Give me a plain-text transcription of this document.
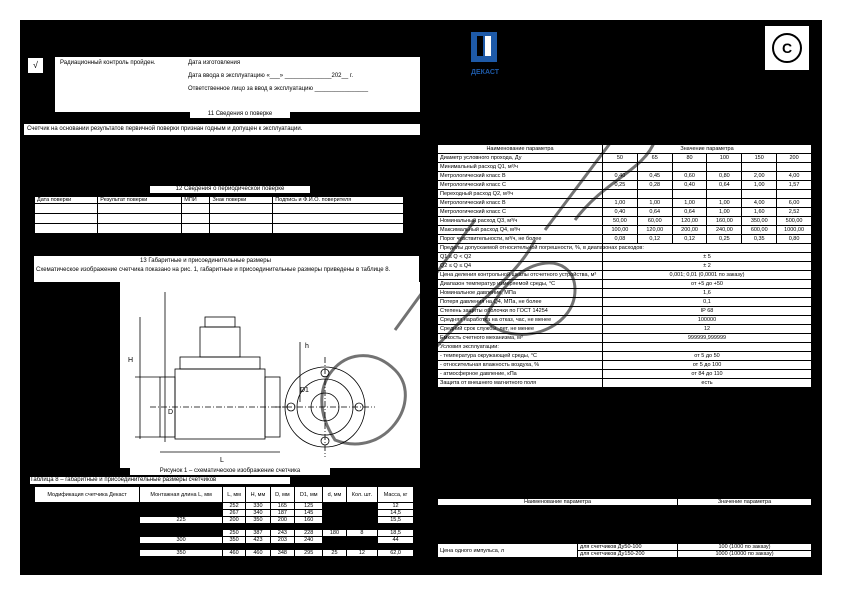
√	Радиационный контроль пройден.	Дата изготовления
Дата ввода в эксплуатацию «___» ______________202__ г.
Ответственное лицо за ввод в эксплуатацию ________________
11 Сведения о поверке
Счетчик на основании результатов первичной поверки признан годным и допущен к эксплуатации.
12 Сведения о периодической поверке
Дата поверки	Результат поверки	МПИ	Знак поверки	Подпись и Ф.И.О. поверителя

13 Габаритные и присоединительные размеры
Схематическое изображение счетчика показано на рис. 1, габаритные и присоединительные размеры приведены в таблице 8.
H
D
D1
L
h
Рисунок 1 – схематическое изображение счетчика
Таблица 8 – габаритные и присоединительные размеры счетчиков
Модификация счетчика Декаст	Монтажная длина L, мм	L, мм	H, мм	D, мм	D1, мм	d, мм	Кол. шт.	Масса, кг
		252	330	165	125			12
		267	340	187	145			14,5
	225	200	350	200	160			15,5

		250	387	243	228	180	8	18,5
	300	350	423	203	240			44

	350	460	460	348	295	25	12	62,0
ДЕКАСТ
C
Наименование параметра	Значение параметра					
Диаметр условного прохода, Ду	50	65	80	100	150	200
Минимальный расход Q1, м³/ч						
Метрологический класс В	0,40	0,45	0,60	0,80	2,00	4,00
Метрологический класс С	0,25	0,28	0,40	0,64	1,00	1,57
Переходный расход Q2, м³/ч						
Метрологический класс В	1,00	1,00	1,00	1,00	4,00	6,00
Метрологический класс С	0,40	0,64	0,64	1,00	1,60	2,52
Номинальный расход Q3, м³/ч	50,00	60,00	120,00	160,00	350,00	500,00
Максимальный расход Q4, м³/ч	100,00	120,00	200,00	240,00	600,00	1000,00
Порог чувствительности, м³/ч, не более	0,08	0,12	0,12	0,25	0,35	0,80
Пределы допускаемой относительной погрешности, %, в диапазонах расходов:						
Q1 ≤ Q < Q2	± 5					
Q2 ≤ Q ≤ Q4	± 2					
Цена деления контрольной шкалы отсчетного устройства, м³	0,001; 0,01 (0,0001 по заказу)					
Диапазон температур измеряемой среды, °С	от +5 до +50					
Номинальное давление, МПа	1,6					
Потеря давления на Q4, МПа, не более	0,1					
Степень защиты оболочки по ГОСТ 14254	IP 68					
Средняя наработка на отказ, час, не менее	100000					
Средний срок службы, лет, не менее	12					
Емкость счетного механизма, м³	999999,999999					
Условия эксплуатации:						
- температура окружающей среды, °С	от 5 до 50					
- относительная влажность воздуха, %	от 5 до 100					
- атмосферное давление, кПа	от 84 до 110					
Защита от внешнего магнитного поля	есть					
Наименование параметра		Значение параметра

Цена одного импульса, л	для счетчиков Ду50-100	100 (1000 по заказу)
	для счетчиков Ду150-200	1000 (10000 по заказу)
